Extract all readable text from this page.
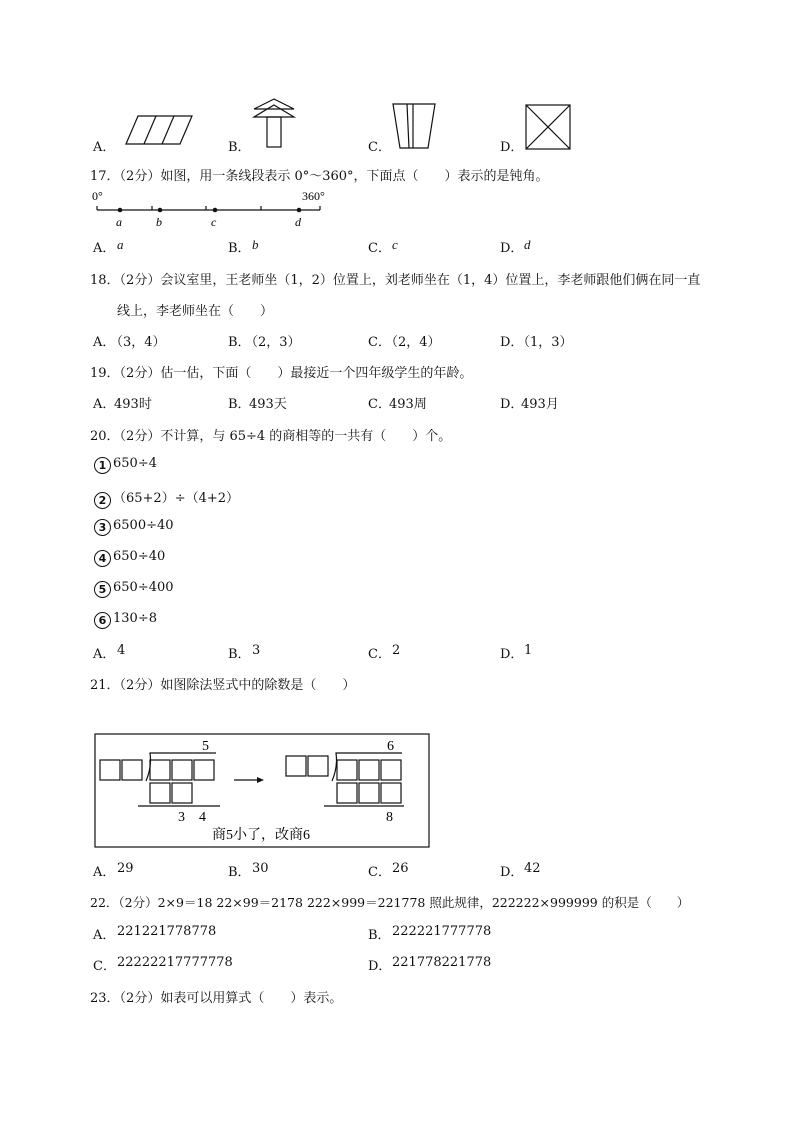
A．	B．	C．	D．
17．（2分）如图，用一条线段表示 0°～360°，下面点（　　）表示的是钝角。
0°	360°
a	b	c	d
A． a	B． b	C． c	D． d
18．（2分）会议室里，王老师坐（1，2）位置上，刘老师坐在（1，4）位置上，李老师跟他们俩在同一直
线上，李老师坐在（　　）
A．
（3，4）	B．
（2，3）	C．
（2，4）	D．
（1，3）
19．（2分）估一估，下面（　　）最接近一个四年级学生的年龄。
A．
493时	B．
493天	C．
493周	D．
493月
20．（2分）不计算，与 65÷4 的商相等的一共有（　　）个。
1 650÷4
2 （65+2）÷（4+2）
3 6500÷40
4 650÷40
5 650÷400
6 130÷8
A． 4	B． 3	C． 2	D． 1
21．（2分）如图除法竖式中的除数是（　　）
5
3　4
6
8
商5小了，改商6
A． 29	B． 30	C． 26	D． 42
22．（2分）2×9＝18 22×99＝2178 222×999＝221778 照此规律，222222×999999 的积是（　　）
A． 221221778778	B． 222221777778
C． 22222217777778	D． 221778221778
23．（2分）如表可以用算式（　　）表示。
